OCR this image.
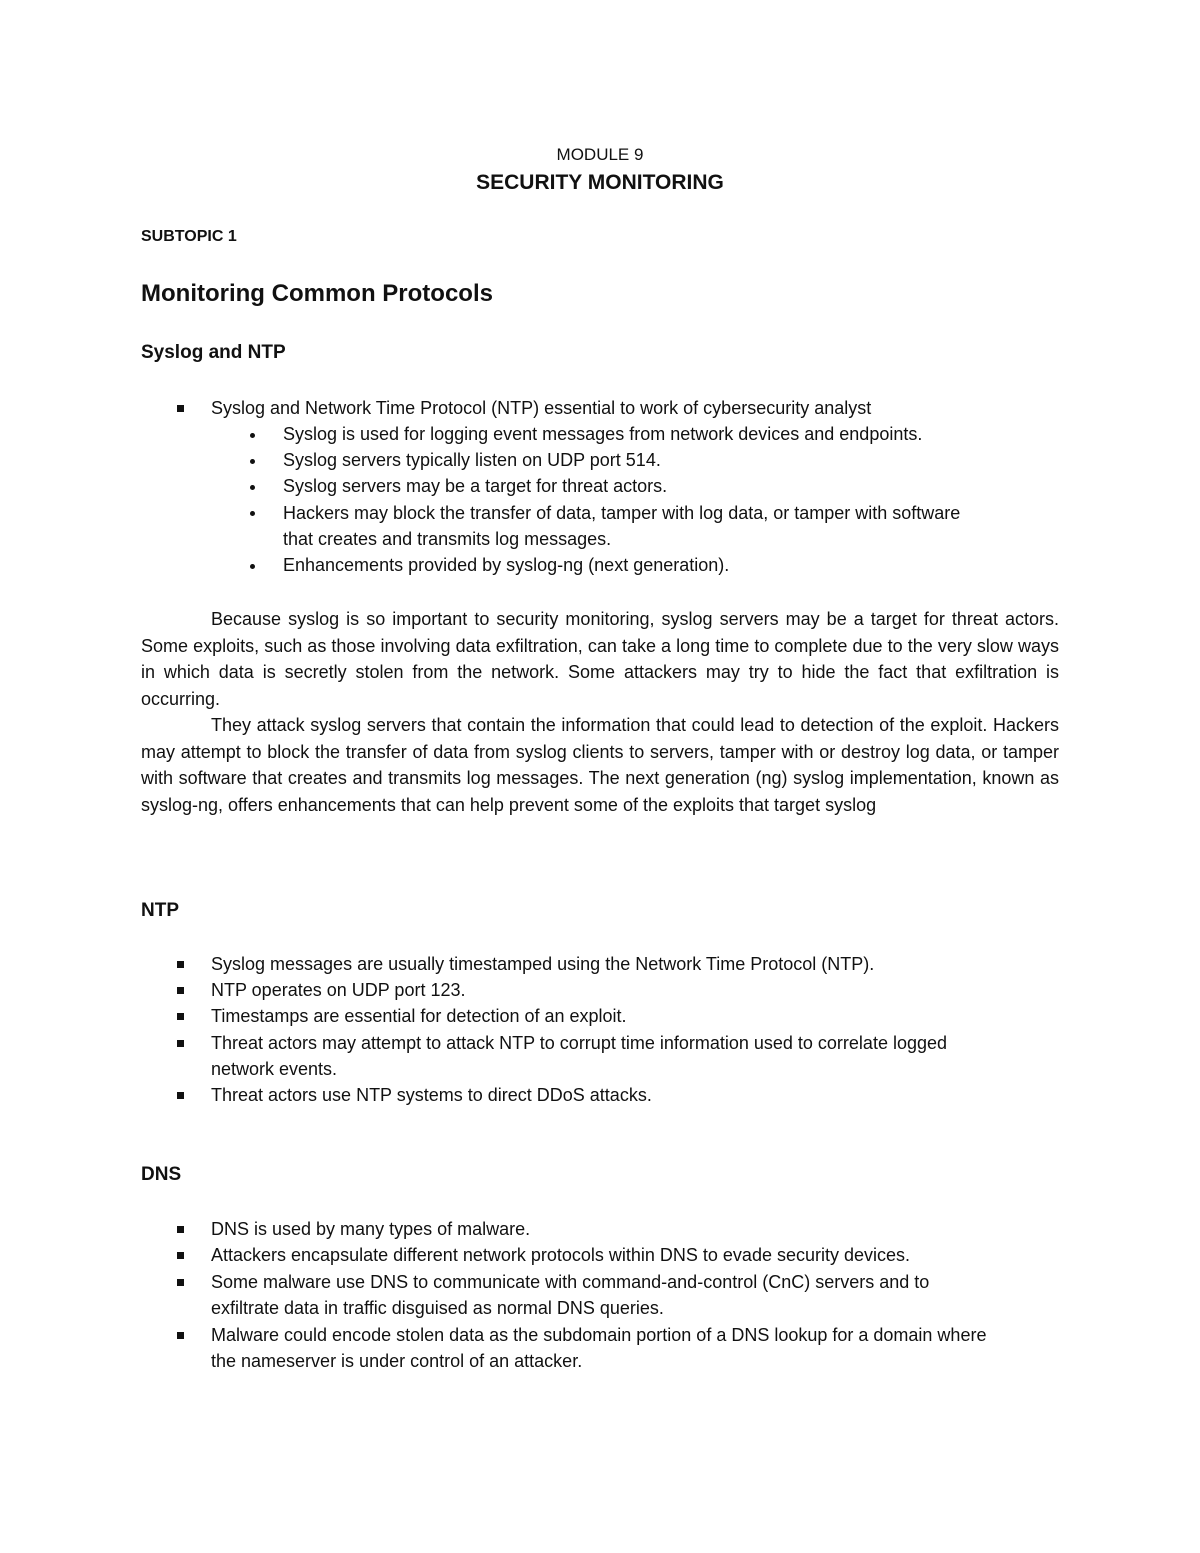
MODULE 9
SECURITY MONITORING
SUBTOPIC 1
Monitoring Common Protocols
Syslog and NTP
Syslog and Network Time Protocol (NTP) essential to work of cybersecurity analyst
Syslog is used for logging event messages from network devices and endpoints.
Syslog servers typically listen on UDP port 514.
Syslog servers may be a target for threat actors.
Hackers may block the transfer of data, tamper with log data, or tamper with software
that creates and transmits log messages.
Enhancements provided by syslog-ng (next generation).

Because syslog is so important to security monitoring, syslog servers may be a target for threat actors. Some exploits, such as those involving data exfiltration, can take a long time to complete due to the very slow ways in which data is secretly stolen from the network. Some attackers may try to hide the fact that exfiltration is occurring.

They attack syslog servers that contain the information that could lead to detection of the exploit. Hackers may attempt to block the transfer of data from syslog clients to servers, tamper with or destroy log data, or tamper with software that creates and transmits log messages. The next generation (ng) syslog implementation, known as syslog-ng, offers enhancements that can help prevent some of the exploits that target syslog

NTP
Syslog messages are usually timestamped using the Network Time Protocol (NTP).
NTP operates on UDP port 123.
Timestamps are essential for detection of an exploit.
Threat actors may attempt to attack NTP to corrupt time information used to correlate logged
network events.
Threat actors use NTP systems to direct DDoS attacks.
DNS
DNS is used by many types of malware.
Attackers encapsulate different network protocols within DNS to evade security devices.
Some malware use DNS to communicate with command-and-control (CnC) servers and to
exfiltrate data in traffic disguised as normal DNS queries.
Malware could encode stolen data as the subdomain portion of a DNS lookup for a domain where
the nameserver is under control of an attacker.
